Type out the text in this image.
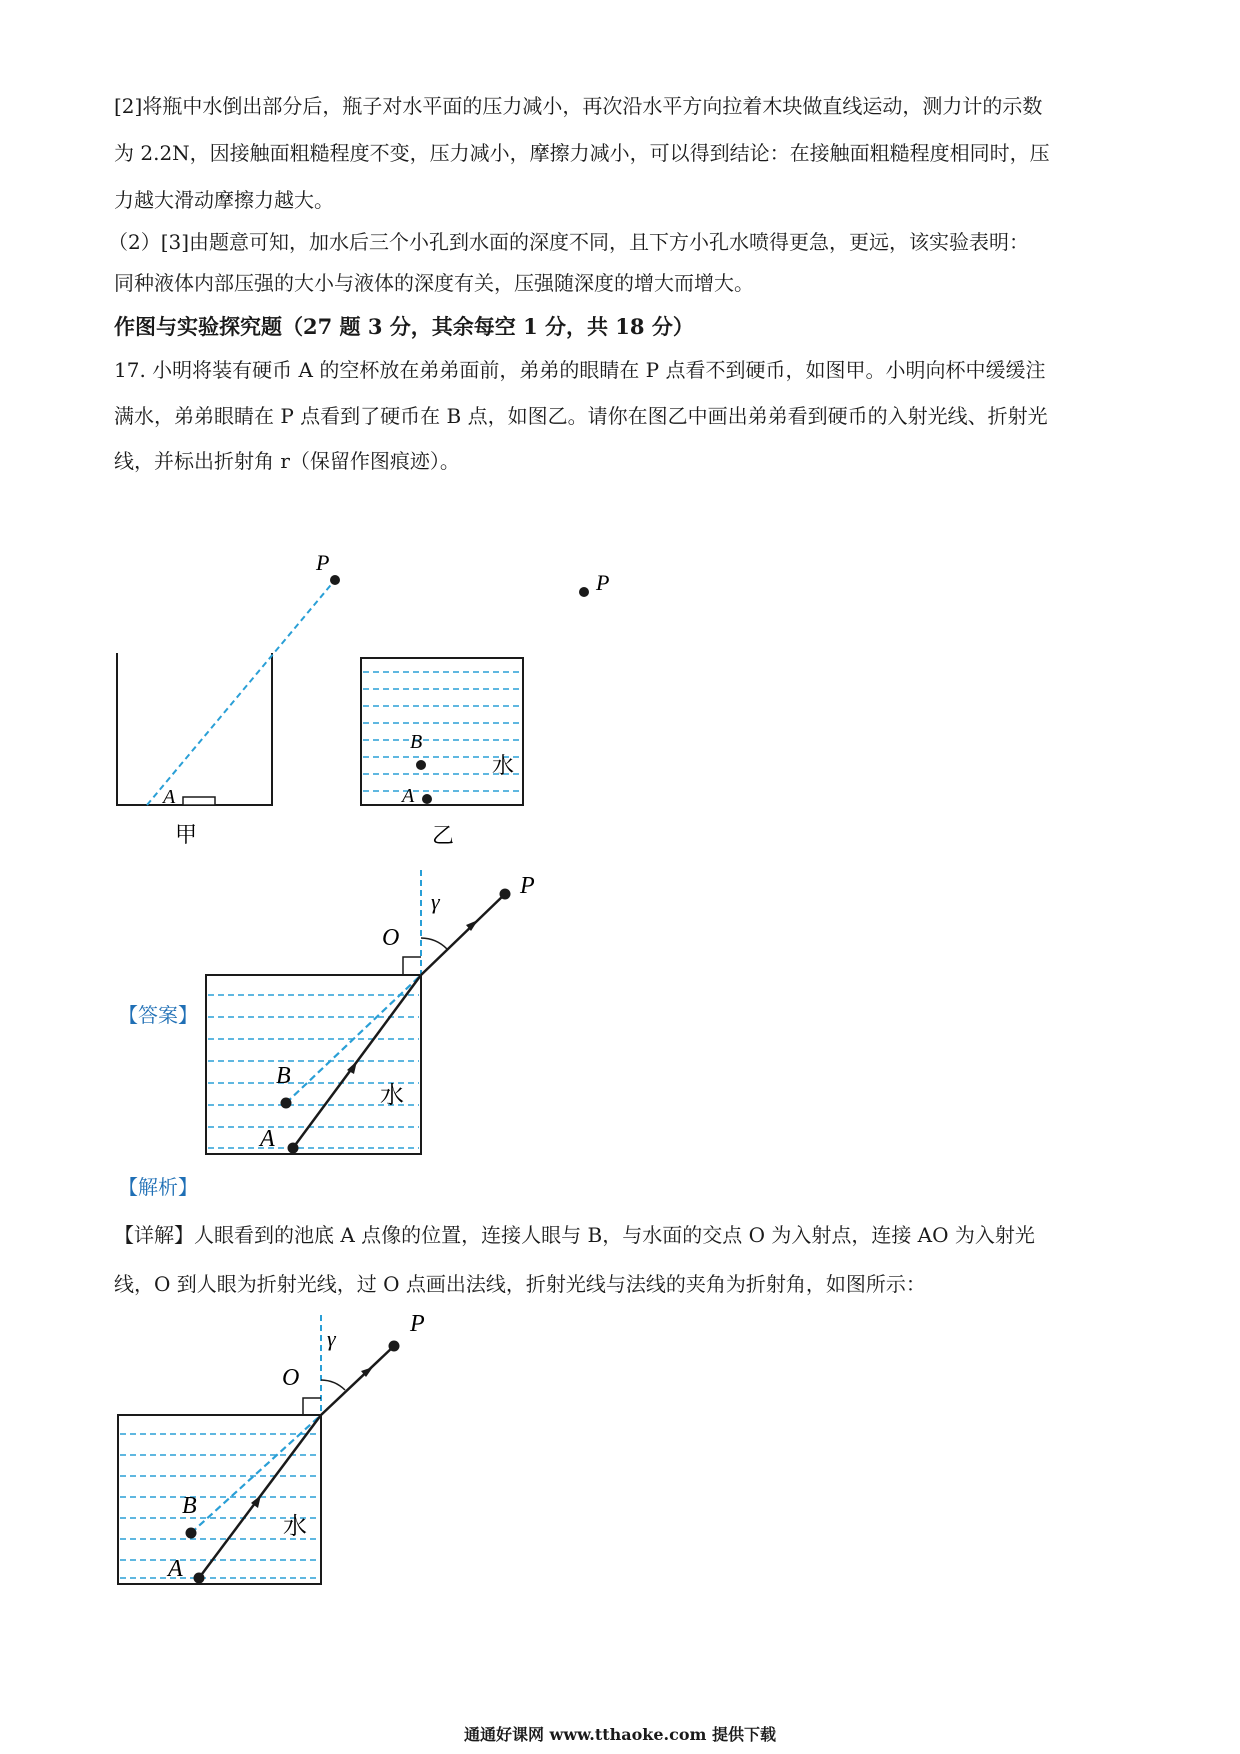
[2]将瓶中水倒出部分后，瓶子对水平面的压力减小，再次沿水平方向拉着木块做直线运动，测力计的示数
为 2.2N，因接触面粗糙程度不变，压力减小，摩擦力减小，可以得到结论：在接触面粗糙程度相同时，压
力越大滑动摩擦力越大。
（2）[3]由题意可知，加水后三个小孔到水面的深度不同，且下方小孔水喷得更急，更远，该实验表明：
同种液体内部压强的大小与液体的深度有关，压强随深度的增大而增大。
作图与实验探究题（27 题 3 分，其余每空 1 分，共 18 分）
17. 小明将装有硬币 A 的空杯放在弟弟面前，弟弟的眼睛在 P 点看不到硬币，如图甲。小明向杯中缓缓注
满水，弟弟眼睛在 P 点看到了硬币在 B 点，如图乙。请你在图乙中画出弟弟看到硬币的入射光线、折射光
线，并标出折射角 r（保留作图痕迹）。
P
A
甲
B
A
水
P
乙
【答案】
P
γ
O
B
A
水
【解析】
【详解】人眼看到的池底 A 点像的位置，连接人眼与 B，与水面的交点 O 为入射点，连接 AO 为入射光
线，O 到人眼为折射光线，过 O 点画出法线，折射光线与法线的夹角为折射角，如图所示：
P
γ
O
B
A
水
通通好课网 www.tthaoke.com 提供下载
